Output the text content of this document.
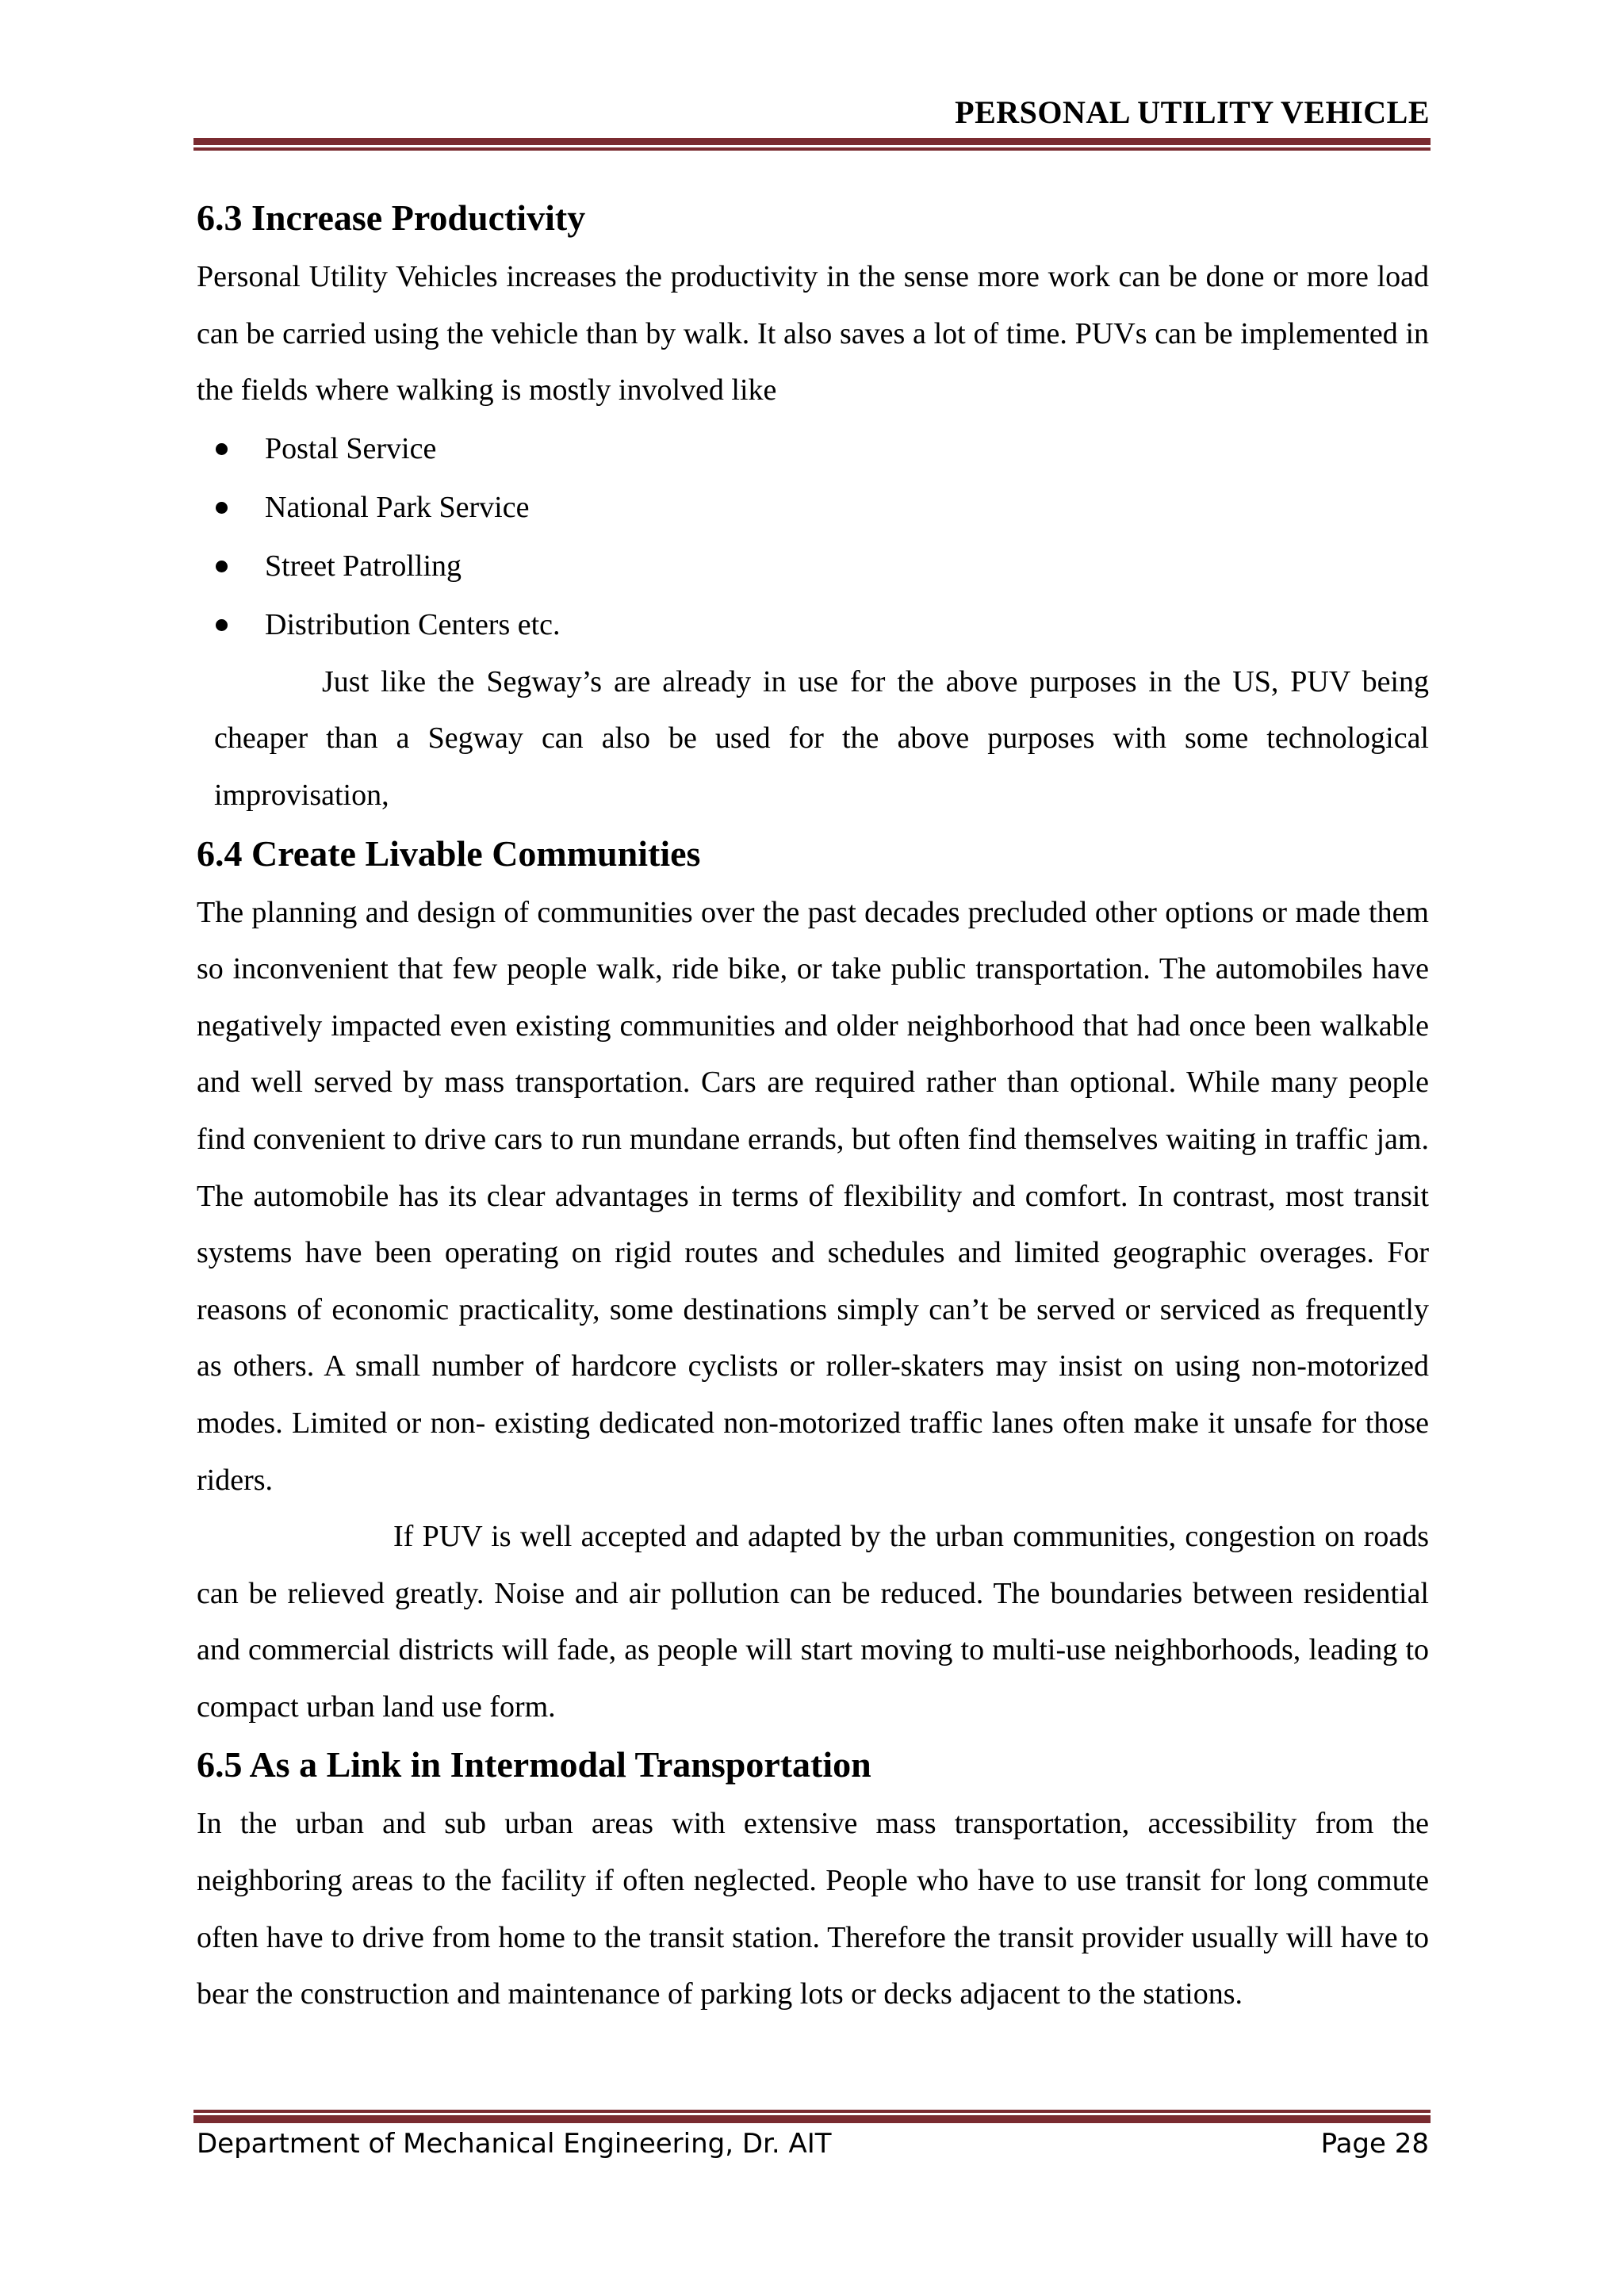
PERSONAL UTILITY VEHICLE
6.3 Increase Productivity

Personal Utility Vehicles increases the productivity in the sense more work can be done or more load can be carried using the vehicle than by walk. It also saves a lot of time. PUVs can be implemented in the fields where walking is mostly involved like

Postal Service
National Park Service
Street Patrolling
Distribution Centers etc.

Just like the Segway’s are already in use for the above purposes in the US, PUV being cheaper than a Segway can also be used for the above purposes with some technological improvisation,

6.4 Create Livable Communities

The planning and design of communities over the past decades precluded other options or made them so inconvenient that few people walk, ride bike, or take public transportation. The automobiles have negatively impacted even existing communities and older neighborhood that had once been walkable and well served by mass transportation. Cars are required rather than optional. While many people find convenient to drive cars to run mundane errands, but often find themselves waiting in traffic jam. The automobile has its clear advantages in terms of flexibility and comfort. In contrast, most transit systems have been operating on rigid routes and schedules and limited geographic overages. For reasons of economic practicality, some destinations simply can’t be served or serviced as frequently as others. A small number of hardcore cyclists or roller-skaters may insist on using non-motorized modes. Limited or non- existing dedicated non-motorized traffic lanes often make it unsafe for those riders.

If PUV is well accepted and adapted by the urban communities, congestion on roads can be relieved greatly. Noise and air pollution can be reduced. The boundaries between residential and commercial districts will fade, as people will start moving to multi-use neighborhoods, leading to compact urban land use form.

6.5 As a Link in Intermodal Transportation

In the urban and sub urban areas with extensive mass transportation, accessibility from the neighboring areas to the facility if often neglected. People who have to use transit for long commute often have to drive from home to the transit station. Therefore the transit provider usually will have to bear the construction and maintenance of parking lots or decks adjacent to the stations.

Department of Mechanical Engineering, Dr. AIT	Page 28
